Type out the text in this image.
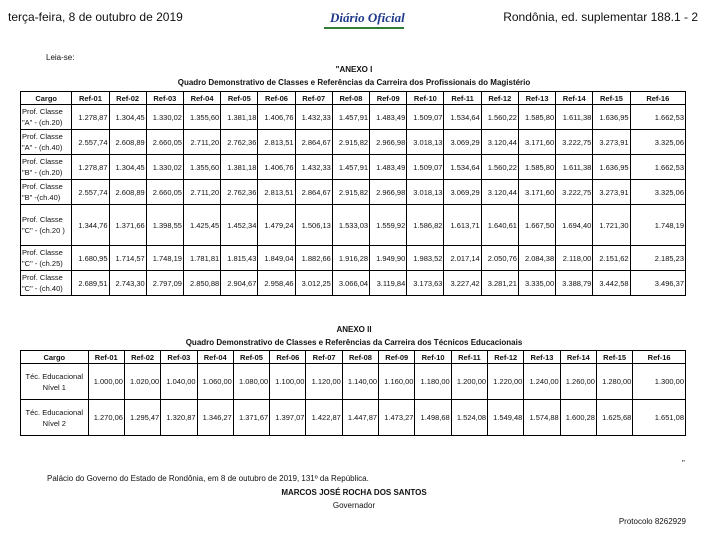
terça-feira, 8 de outubro de 2019	Diário Oficial	Rondônia, ed. suplementar 188.1 - 2
Leia-se:
"ANEXO I
Quadro Demonstrativo de Classes e Referências da Carreira dos Profissionais do Magistério
Cargo	Ref-01	Ref-02	Ref-03	Ref-04	Ref-05	Ref-06	Ref-07	Ref-08	Ref-09	Ref-10	Ref-11	Ref-12	Ref-13	Ref-14	Ref-15	Ref-16
Prof. Classe "A" - (ch.20)	1.278,87	1.304,45	1.330,02	1.355,60	1.381,18	1.406,76	1.432,33	1.457,91	1.483,49	1.509,07	1.534,64	1.560,22	1.585,80	1.611,38	1.636,95	1.662,53
Prof. Classe "A" - (ch.40)	2.557,74	2.608,89	2.660,05	2.711,20	2.762,36	2.813,51	2.864,67	2.915,82	2.966,98	3.018,13	3.069,29	3.120,44	3.171,60	3.222,75	3.273,91	3.325,06
Prof. Classe "B" - (ch.20)	1.278,87	1.304,45	1.330,02	1.355,60	1.381,18	1.406,76	1.432,33	1.457,91	1.483,49	1.509,07	1.534,64	1.560,22	1.585,80	1.611,38	1.636,95	1.662,53
Prof. Classe "B" -(ch.40)	2.557,74	2.608,89	2.660,05	2.711,20	2.762,36	2.813,51	2.864,67	2.915,82	2.966,98	3.018,13	3.069,29	3.120,44	3.171,60	3.222,75	3.273,91	3.325,06
Prof. Classe "C" - (ch.20 )	1.344,76	1.371,66	1.398,55	1.425,45	1.452,34	1.479,24	1.506,13	1.533,03	1.559,92	1.586,82	1.613,71	1.640,61	1.667,50	1.694,40	1.721,30	1.748,19
Prof. Classe "C" - (ch.25)	1.680,95	1.714,57	1.748,19	1.781,81	1.815,43	1.849,04	1.882,66	1.916,28	1.949,90	1.983,52	2.017,14	2.050,76	2.084,38	2.118,00	2.151,62	2.185,23
Prof. Classe "C" - (ch.40)	2.689,51	2.743,30	2.797,09	2.850,88	2.904,67	2.958,46	3.012,25	3.066,04	3.119,84	3.173,63	3.227,42	3.281,21	3.335,00	3.388,79	3.442,58	3.496,37
ANEXO II
Quadro Demonstrativo de Classes e Referências da Carreira dos Técnicos Educacionais
Cargo	Ref-01	Ref-02	Ref-03	Ref-04	Ref-05	Ref-06	Ref-07	Ref-08	Ref-09	Ref-10	Ref-11	Ref-12	Ref-13	Ref-14	Ref-15	Ref-16
Téc. Educacional Nível 1	1.000,00	1.020,00	1.040,00	1.060,00	1.080,00	1.100,00	1.120,00	1.140,00	1.160,00	1.180,00	1.200,00	1.220,00	1.240,00	1.260,00	1.280,00	1.300,00
Téc. Educacional Nível 2	1.270,06	1.295,47	1.320,87	1.346,27	1.371,67	1.397,07	1.422,87	1.447,87	1.473,27	1.498,68	1.524,08	1.549,48	1.574,88	1.600,28	1.625,68	1.651,08
"
Palácio do Governo do Estado de Rondônia, em 8 de outubro de 2019, 131º da República.
MARCOS JOSÉ ROCHA DOS SANTOS
Governador
Protocolo 8262929
